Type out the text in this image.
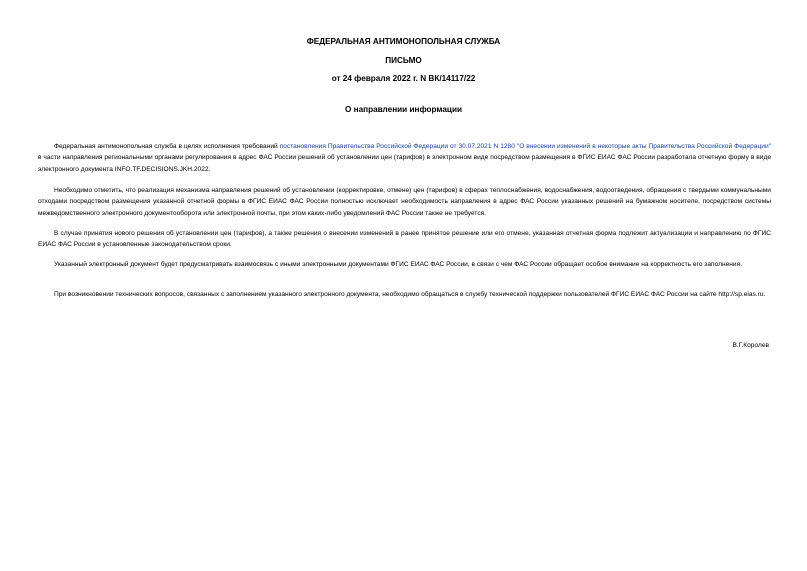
ФЕДЕРАЛЬНАЯ АНТИМОНОПОЛЬНАЯ СЛУЖБА
ПИСЬМО
от 24 февраля 2022 г. N ВК/14117/22
О направлении информации
Федеральная антимонопольная служба в целях исполнения требований постановления Правительства Российской Федерации от 30.07.2021 N 1280 "О внесении изменений в некоторые акты Правительства Российской Федерации" в части направления региональными органами регулирования в адрес ФАС России решений об установлении цен (тарифов) в электронном виде посредством размещения в ФГИС ЕИАС ФАС России разработала отчетную форму в виде электронного документа INFO.TF.DECISIONS.JKH.2022.
Необходимо отметить, что реализация механизма направления решений об установлении (корректировке, отмене) цен (тарифов) в сферах теплоснабжения, водоснабжения, водоотведения, обращения с твердыми коммунальными отходами посредством размещения указанной отчетной формы в ФГИС ЕИАС ФАС России полностью исключает необходимость направления в адрес ФАС России указанных решений на бумажном носителе, посредством системы межведомственного электронного документооборота или электронной почты, при этом каких-либо уведомлений ФАС России также не требуется.
В случае принятия нового решения об установлении цен (тарифов), а также решения о внесении изменений в ранее принятое решение или его отмене, указанная отчетная форма подлежит актуализации и направлению по ФГИС ЕИАС ФАС России в установленные законодательством сроки.
Указанный электронный документ будет предусматривать взаимосвязь с иными электронными документами ФГИС ЕИАС ФАС России, в связи с чем ФАС России обращает особое внимание на корректность его заполнения.
При возникновении технических вопросов, связанных с заполнением указанного электронного документа, необходимо обращаться в службу технической поддержки пользователей ФГИС ЕИАС ФАС России на сайте http://sp.eias.ru.
В.Г.Королев
